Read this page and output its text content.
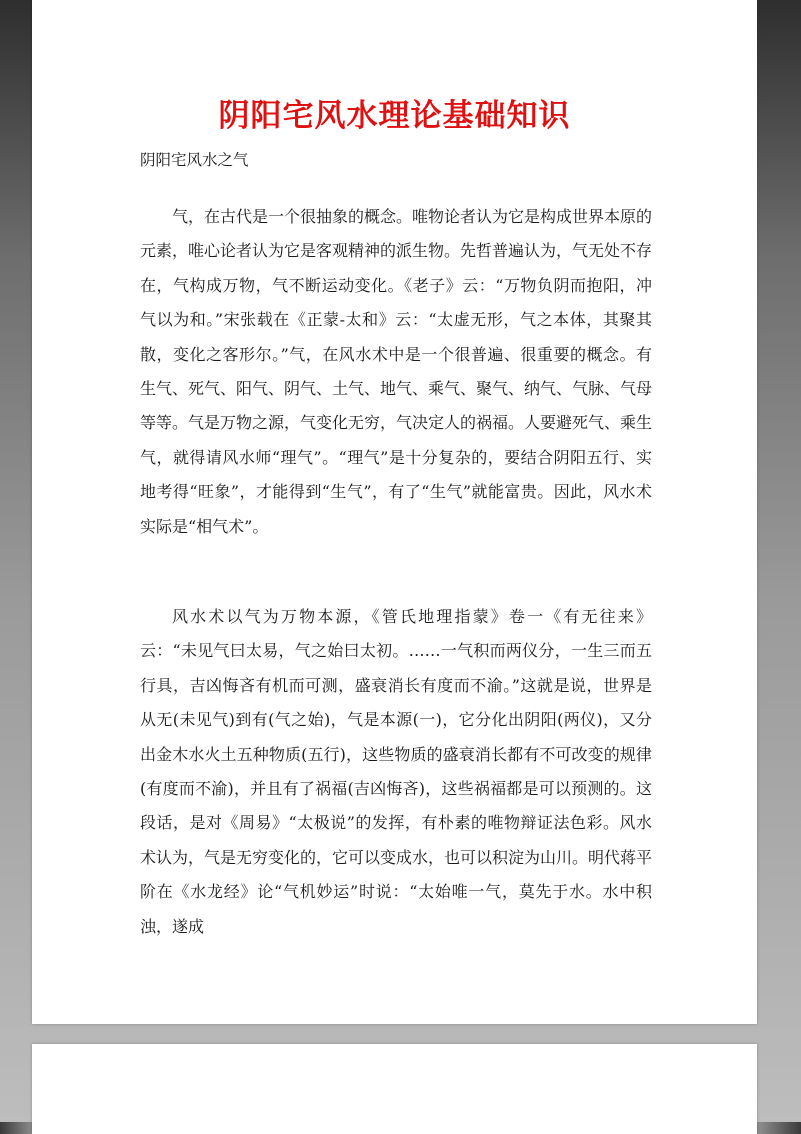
阴阳宅风水理论基础知识
阴阳宅风水之气

气，在古代是一个很抽象的概念。唯物论者认为它是构成世界本原的元素，唯心论者认为它是客观精神的派生物。先哲普遍认为，气无处不存在，气构成万物，气不断运动变化。《老子》云：“万物负阴而抱阳，冲气以为和。”宋张载在《正蒙-太和》云：“太虚无形，气之本体，其聚其散，变化之客形尔。”气，在风水术中是一个很普遍、很重要的概念。有生气、死气、阳气、阴气、土气、地气、乘气、聚气、纳气、气脉、气母等等。气是万物之源，气变化无穷，气决定人的祸福。人要避死气、乘生气，就得请风水师“理气”。“理气”是十分复杂的，要结合阴阳五行、实地考得“旺象”，才能得到“生气”，有了“生气”就能富贵。因此，风水术实际是“相气术”。

风水术以气为万物本源，《管氏地理指蒙》卷一《有无往来》云：“未见气曰太易，气之始曰太初。……一气积而两仪分，一生三而五行具，吉凶悔吝有机而可测，盛衰消长有度而不渝。”这就是说，世界是从无(未见气)到有(气之始)，气是本源(一)，它分化出阴阳(两仪)，又分出金木水火土五种物质(五行)，这些物质的盛衰消长都有不可改变的规律(有度而不渝)，并且有了祸福(吉凶悔吝)，这些祸福都是可以预测的。这段话，是对《周易》“太极说”的发挥，有朴素的唯物辩证法色彩。风水术认为，气是无穷变化的，它可以变成水，也可以积淀为山川。明代蒋平阶在《水龙经》论“气机妙运”时说：“太始唯一气，莫先于水。水中积浊，遂成
